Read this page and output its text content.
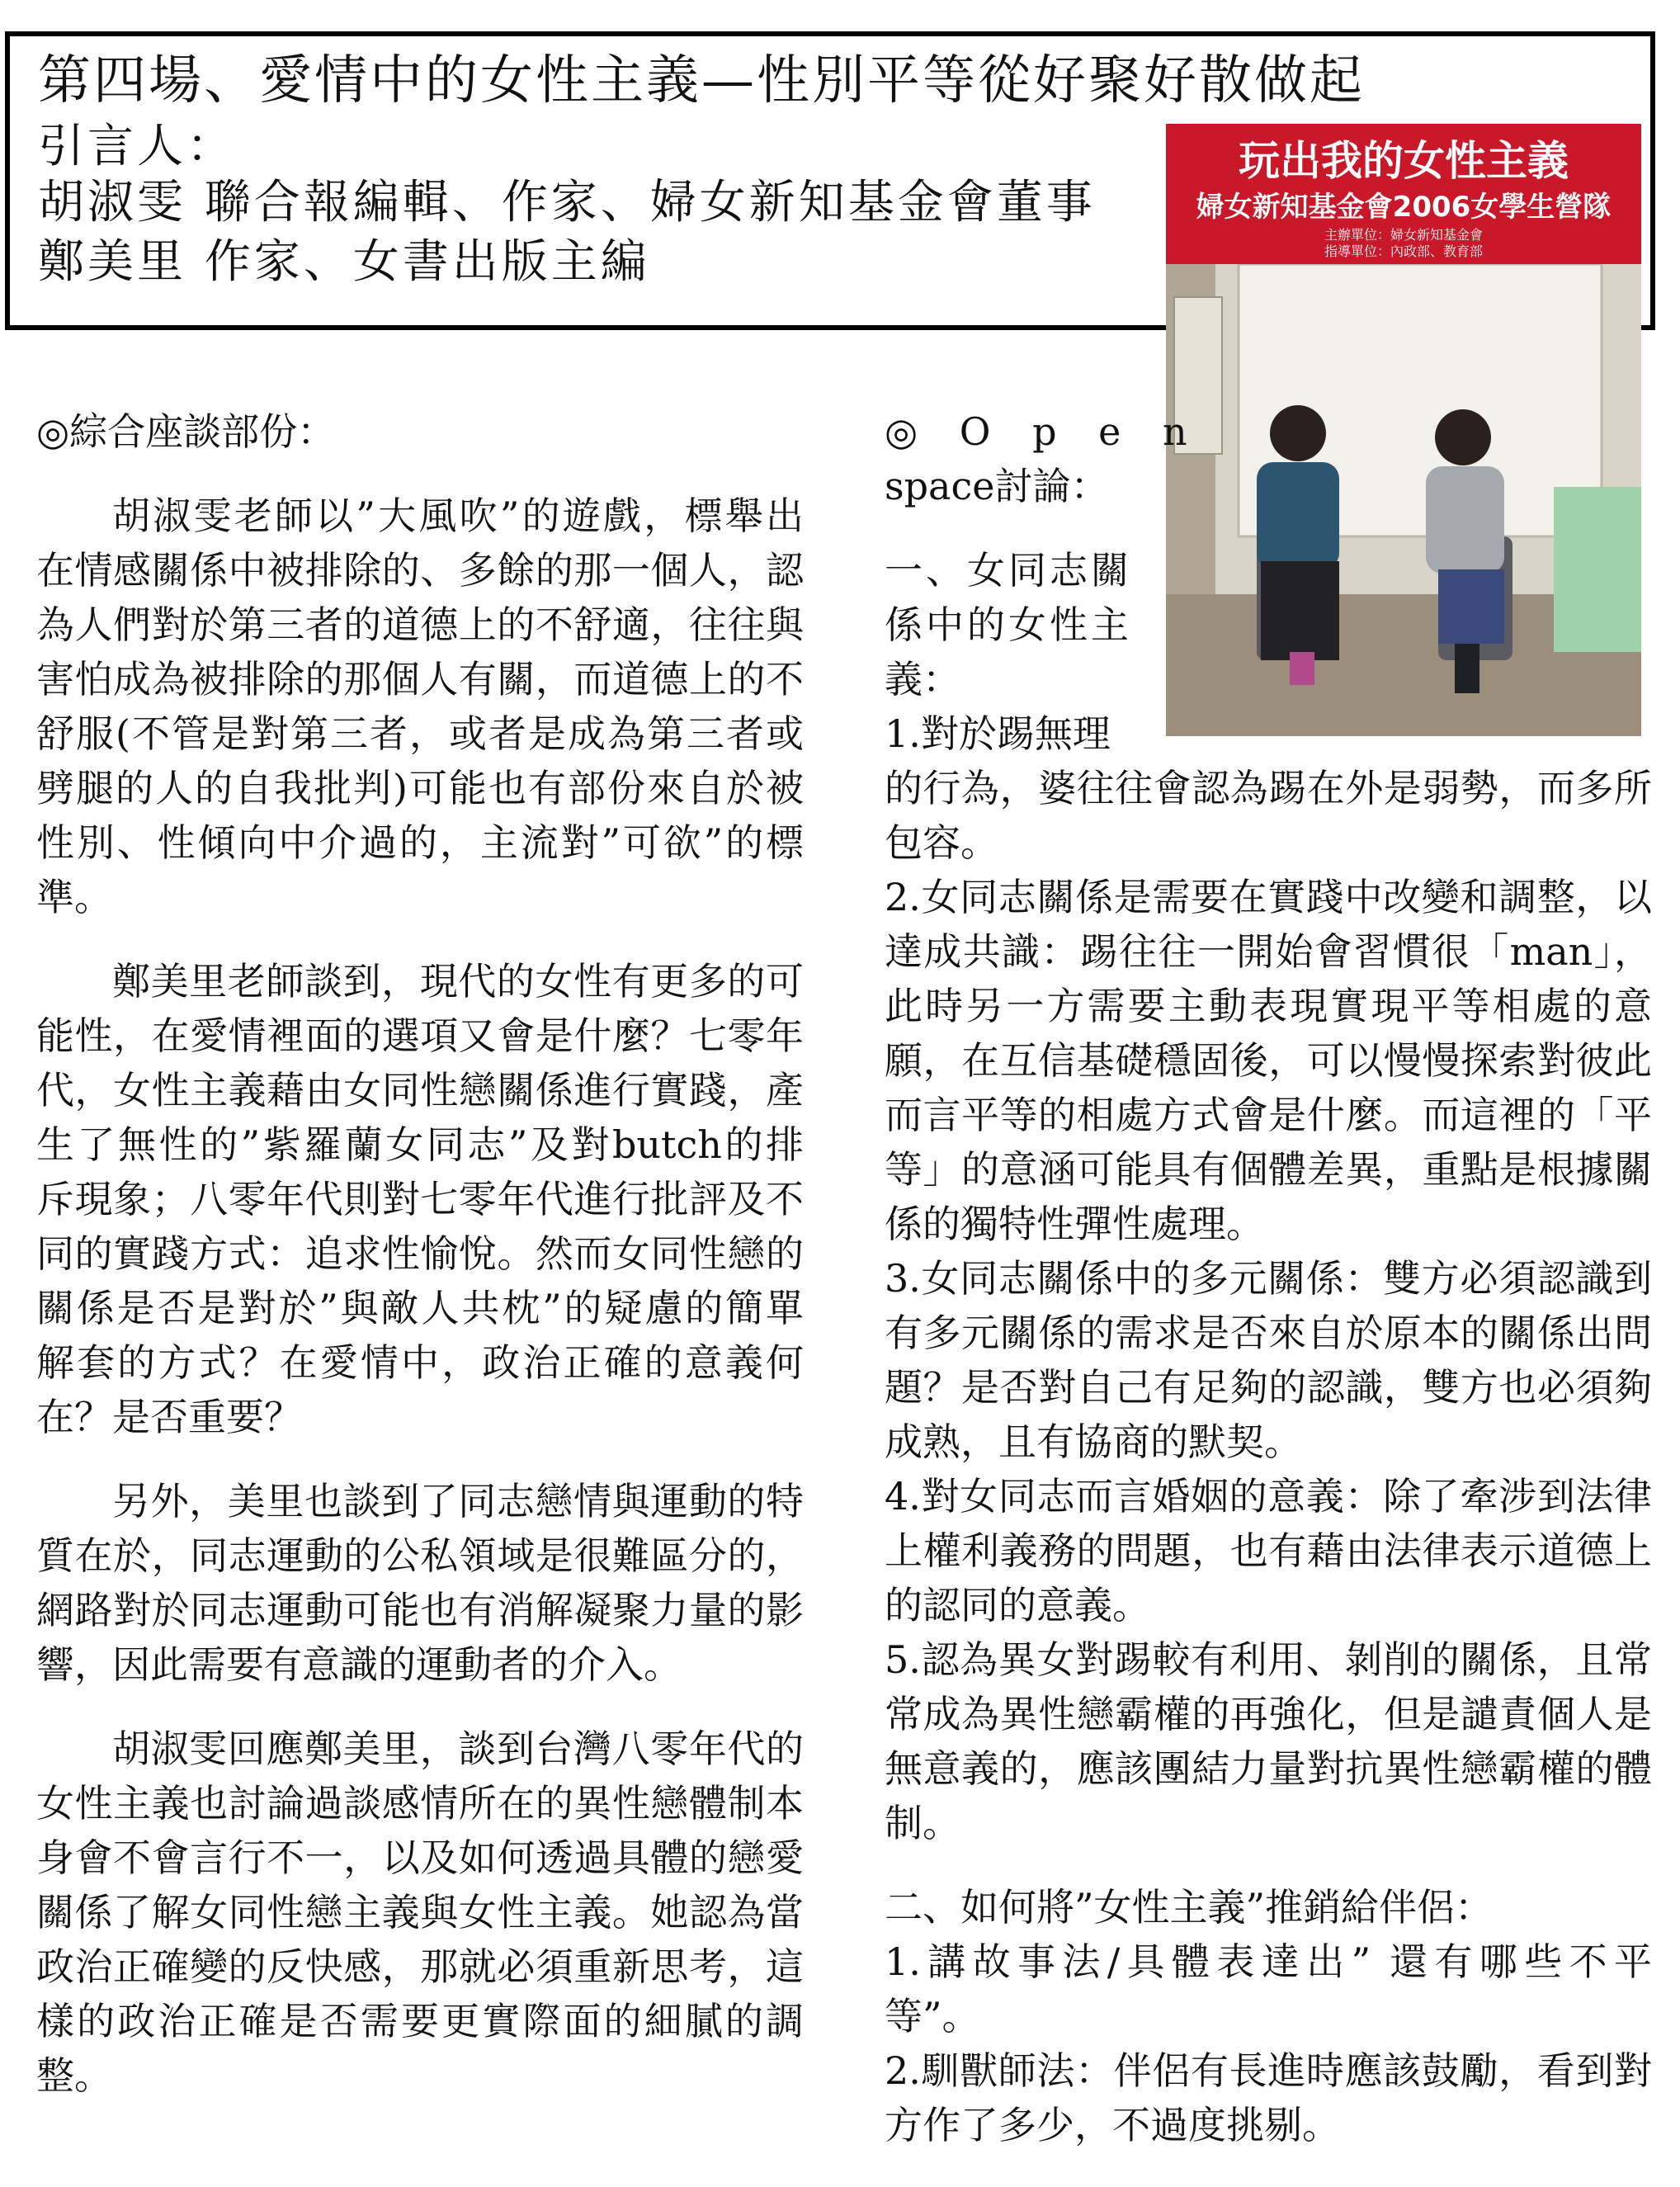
第四場、愛情中的女性主義—性別平等從好聚好散做起
引言人：
胡淑雯 聯合報編輯、作家、婦女新知基金會董事
鄭美里 作家、女書出版主編
玩出我的女性主義
婦女新知基金會2006女學生營隊
主辦單位：婦女新知基金會
指導單位：內政部、教育部
◎綜合座談部份：
胡淑雯老師以”大風吹”的遊戲，標舉出
在情感關係中被排除的、多餘的那一個人，認
為人們對於第三者的道德上的不舒適，往往與
害怕成為被排除的那個人有關，而道德上的不
舒服(不管是對第三者，或者是成為第三者或
劈腿的人的自我批判)可能也有部份來自於被
性別、性傾向中介過的，主流對”可欲”的標
準。
鄭美里老師談到，現代的女性有更多的可
能性，在愛情裡面的選項又會是什麼？七零年
代，女性主義藉由女同性戀關係進行實踐，產
生了無性的”紫羅蘭女同志”及對butch的排
斥現象；八零年代則對七零年代進行批評及不
同的實踐方式：追求性愉悅。然而女同性戀的
關係是否是對於”與敵人共枕”的疑慮的簡單
解套的方式？在愛情中，政治正確的意義何
在？是否重要？
另外，美里也談到了同志戀情與運動的特
質在於，同志運動的公私領域是很難區分的，
網路對於同志運動可能也有消解凝聚力量的影
響，因此需要有意識的運動者的介入。
胡淑雯回應鄭美里，談到台灣八零年代的
女性主義也討論過談感情所在的異性戀體制本
身會不會言行不一，以及如何透過具體的戀愛
關係了解女同性戀主義與女性主義。她認為當
政治正確變的反快感，那就必須重新思考，這
樣的政治正確是否需要更實際面的細膩的調
整。
◎ O p e n
space討論：
一、女同志關
係中的女性主
義：
1.對於踢無理
的行為，婆往往會認為踢在外是弱勢，而多所
包容。
2.女同志關係是需要在實踐中改變和調整，以
達成共識：踢往往一開始會習慣很「man」，
此時另一方需要主動表現實現平等相處的意
願，在互信基礎穩固後，可以慢慢探索對彼此
而言平等的相處方式會是什麼。而這裡的「平
等」的意涵可能具有個體差異，重點是根據關
係的獨特性彈性處理。
3.女同志關係中的多元關係：雙方必須認識到
有多元關係的需求是否來自於原本的關係出問
題？是否對自己有足夠的認識，雙方也必須夠
成熟，且有協商的默契。
4.對女同志而言婚姻的意義：除了牽涉到法律
上權利義務的問題，也有藉由法律表示道德上
的認同的意義。
5.認為異女對踢較有利用、剝削的關係，且常
常成為異性戀霸權的再強化，但是譴責個人是
無意義的，應該團結力量對抗異性戀霸權的體
制。
二、如何將”女性主義”推銷給伴侶：
1.講故事法/具體表達出” 還有哪些不平
等”。
2.馴獸師法：伴侶有長進時應該鼓勵，看到對
方作了多少，不過度挑剔。
